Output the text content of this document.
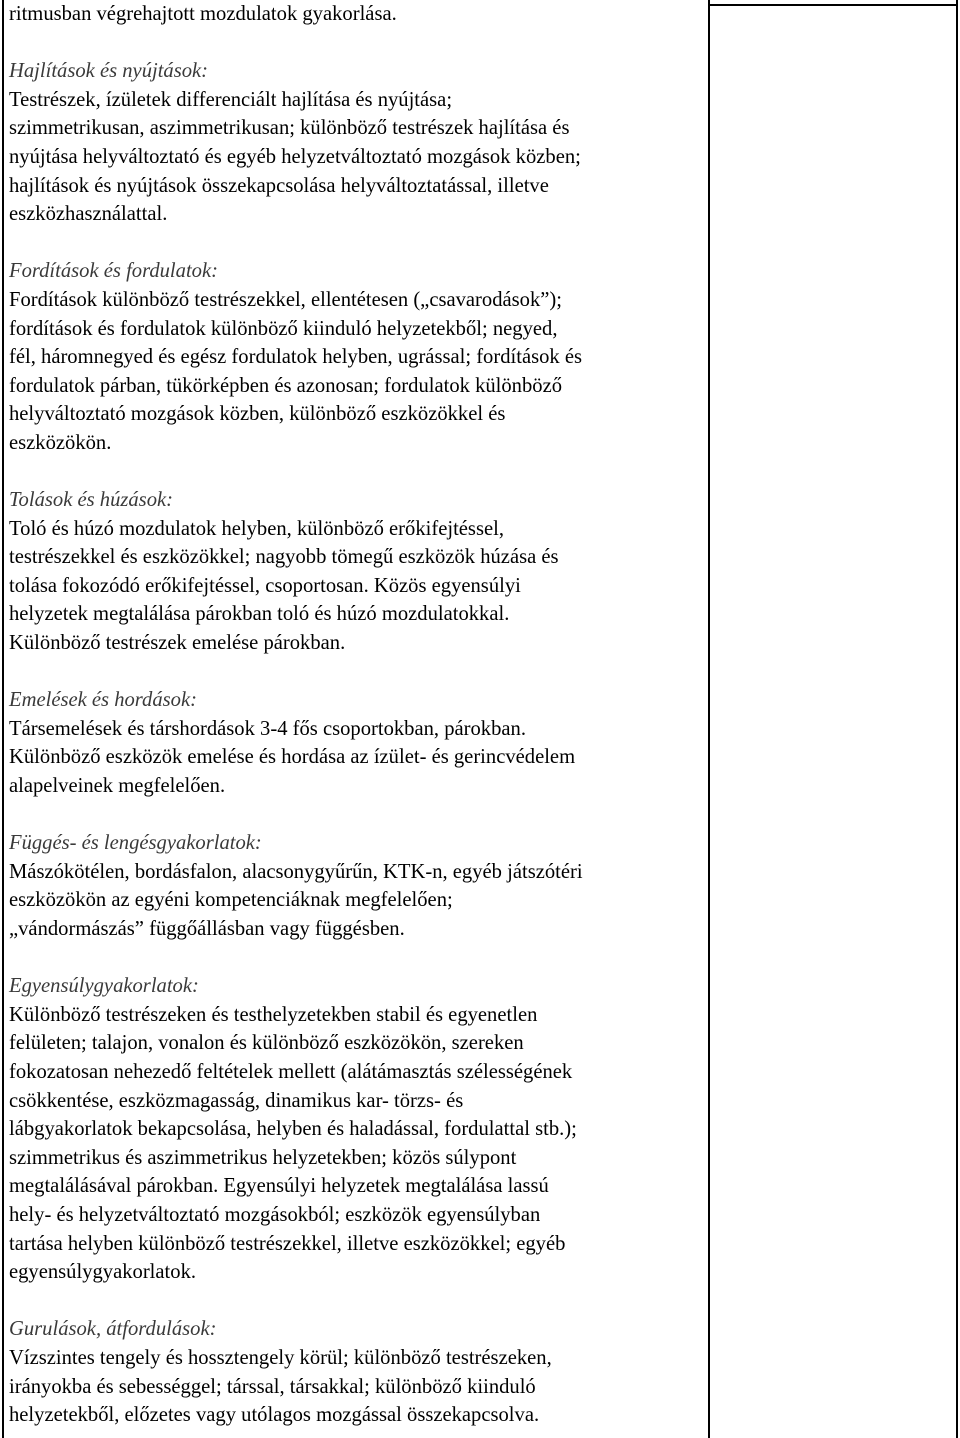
ritmusban végrehajtott mozdulatok gyakorlása.

Hajlítások és nyújtások:

Testrészek, ízületek differenciált hajlítása és nyújtása;

szimmetrikusan, aszimmetrikusan; különböző testrészek hajlítása és

nyújtása helyváltoztató és egyéb helyzetváltoztató mozgások közben;

hajlítások és nyújtások összekapcsolása helyváltoztatással, illetve

eszközhasználattal.

Fordítások és fordulatok:

Fordítások különböző testrészekkel, ellentétesen („csavarodások”);

fordítások és fordulatok különböző kiinduló helyzetekből; negyed,

fél, háromnegyed és egész fordulatok helyben, ugrással; fordítások és

fordulatok párban, tükörképben és azonosan; fordulatok különböző

helyváltoztató mozgások közben, különböző eszközökkel és

eszközökön.

Tolások és húzások:

Toló és húzó mozdulatok helyben, különböző erőkifejtéssel,

testrészekkel és eszközökkel; nagyobb tömegű eszközök húzása és

tolása fokozódó erőkifejtéssel, csoportosan. Közös egyensúlyi

helyzetek megtalálása párokban toló és húzó mozdulatokkal.

Különböző testrészek emelése párokban.

Emelések és hordások:

Társemelések és társhordások 3-4 fős csoportokban, párokban.

Különböző eszközök emelése és hordása az ízület- és gerincvédelem

alapelveinek megfelelően.

Függés- és lengésgyakorlatok:

Mászókötélen, bordásfalon, alacsonygyűrűn, KTK-n, egyéb játszótéri

eszközökön az egyéni kompetenciáknak megfelelően;

„vándormászás” függőállásban vagy függésben.

Egyensúlygyakorlatok:

Különböző testrészeken és testhelyzetekben stabil és egyenetlen

felületen; talajon, vonalon és különböző eszközökön, szereken

fokozatosan nehezedő feltételek mellett (alátámasztás szélességének

csökkentése, eszközmagasság, dinamikus kar- törzs- és

lábgyakorlatok bekapcsolása, helyben és haladással, fordulattal stb.);

szimmetrikus és aszimmetrikus helyzetekben; közös súlypont

megtalálásával párokban. Egyensúlyi helyzetek megtalálása lassú

hely- és helyzetváltoztató mozgásokból; eszközök egyensúlyban

tartása helyben különböző testrészekkel, illetve eszközökkel; egyéb

egyensúlygyakorlatok.

Gurulások, átfordulások:

Vízszintes tengely és hossztengely körül; különböző testrészeken,

irányokba és sebességgel; társsal, társakkal; különböző kiinduló

helyzetekből, előzetes vagy utólagos mozgással összekapcsolva.
